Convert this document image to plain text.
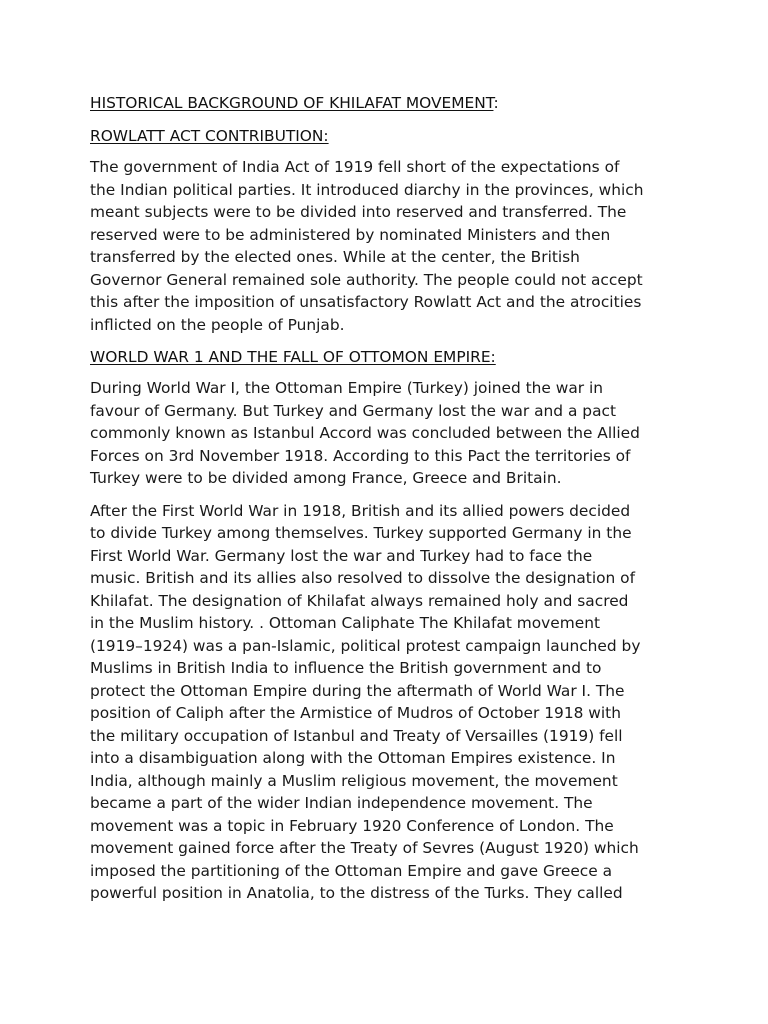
HISTORICAL BACKGROUND OF KHILAFAT MOVEMENT:
ROWLATT ACT CONTRIBUTION:
The government of India Act of 1919 fell short of the expectations of
the Indian political parties. It introduced diarchy in the provinces, which
meant subjects were to be divided into reserved and transferred. The
reserved were to be administered by nominated Ministers and then
transferred by the elected ones. While at the center, the British
Governor General remained sole authority. The people could not accept
this after the imposition of unsatisfactory Rowlatt Act and the atrocities
inflicted on the people of Punjab.
WORLD WAR 1 AND THE FALL OF OTTOMON EMPIRE:
During World War I, the Ottoman Empire (Turkey) joined the war in
favour of Germany. But Turkey and Germany lost the war and a pact
commonly known as Istanbul Accord was concluded between the Allied
Forces on 3rd November 1918. According to this Pact the territories of
Turkey were to be divided among France, Greece and Britain.
After the First World War in 1918, British and its allied powers decided
to divide Turkey among themselves. Turkey supported Germany in the
First World War. Germany lost the war and Turkey had to face the
music. British and its allies also resolved to dissolve the designation of
Khilafat. The designation of Khilafat always remained holy and sacred
in the Muslim history. . Ottoman Caliphate The Khilafat movement
(1919–1924) was a pan-Islamic, political protest campaign launched by
Muslims in British India to influence the British government and to
protect the Ottoman Empire during the aftermath of World War I. The
position of Caliph after the Armistice of Mudros of October 1918 with
the military occupation of Istanbul and Treaty of Versailles (1919) fell
into a disambiguation along with the Ottoman Empires existence. In
India, although mainly a Muslim religious movement, the movement
became a part of the wider Indian independence movement. The
movement was a topic in February 1920 Conference of London. The
movement gained force after the Treaty of Sevres (August 1920) which
imposed the partitioning of the Ottoman Empire and gave Greece a
powerful position in Anatolia, to the distress of the Turks. They called
